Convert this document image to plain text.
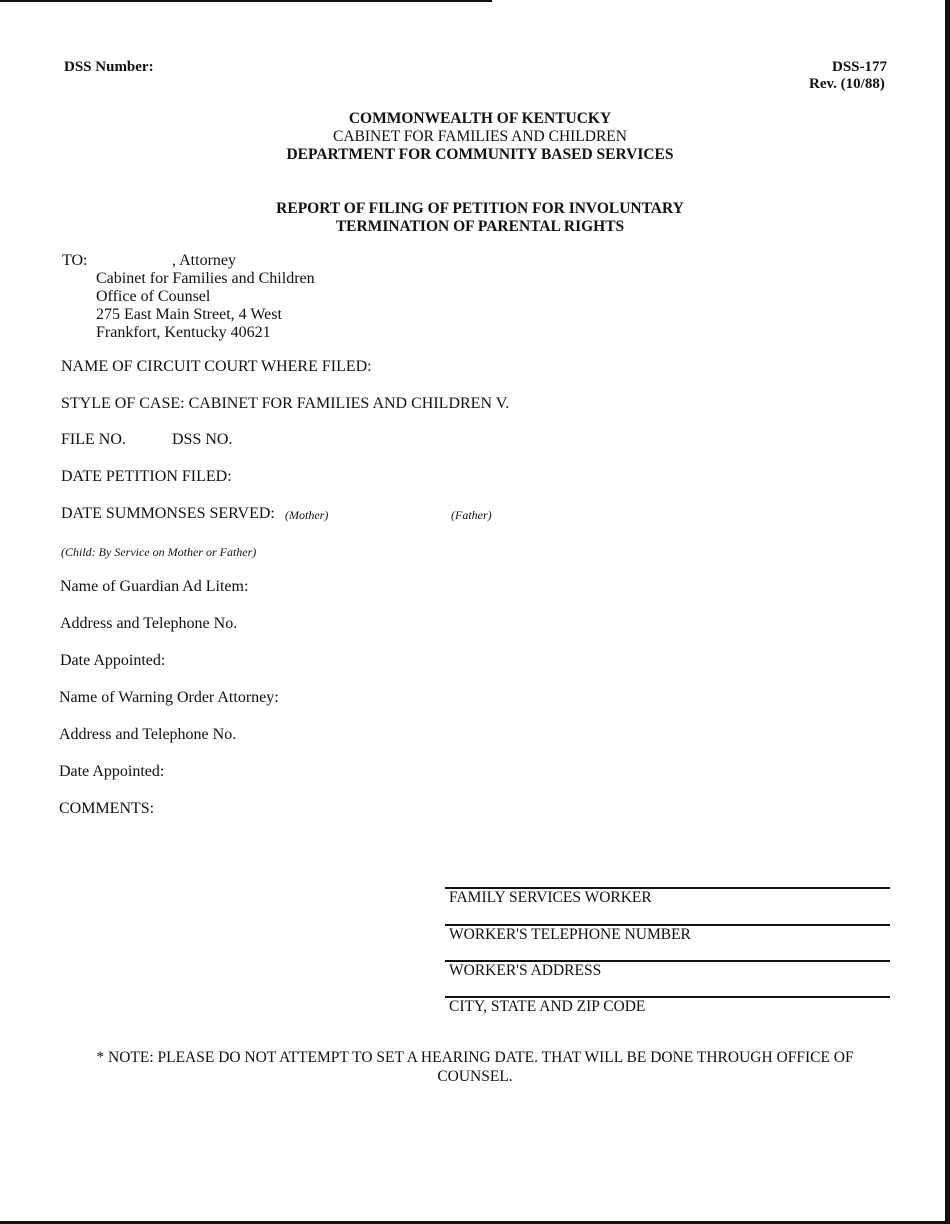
DSS Number:	DSS-177
Rev. (10/88)
COMMONWEALTH OF KENTUCKY
CABINET FOR FAMILIES AND CHILDREN
DEPARTMENT FOR COMMUNITY BASED SERVICES
REPORT OF FILING OF PETITION FOR INVOLUNTARY
TERMINATION OF PARENTAL RIGHTS
TO:	, Attorney
Cabinet for Families and Children
Office of Counsel
275 East Main Street, 4 West
Frankfort, Kentucky 40621
NAME OF CIRCUIT COURT WHERE FILED:
STYLE OF CASE: CABINET FOR FAMILIES AND CHILDREN V.
FILE NO.	DSS NO.
DATE PETITION FILED:
DATE SUMMONSES SERVED: (Mother)	(Father)
(Child: By Service on Mother or Father)
Name of Guardian Ad Litem:
Address and Telephone No.
Date Appointed:
Name of Warning Order Attorney:
Address and Telephone No.
Date Appointed:
COMMENTS:
FAMILY SERVICES WORKER
WORKER'S TELEPHONE NUMBER
WORKER'S ADDRESS
CITY, STATE AND ZIP CODE
* NOTE: PLEASE DO NOT ATTEMPT TO SET A HEARING DATE. THAT WILL BE DONE THROUGH OFFICE OF
COUNSEL.
